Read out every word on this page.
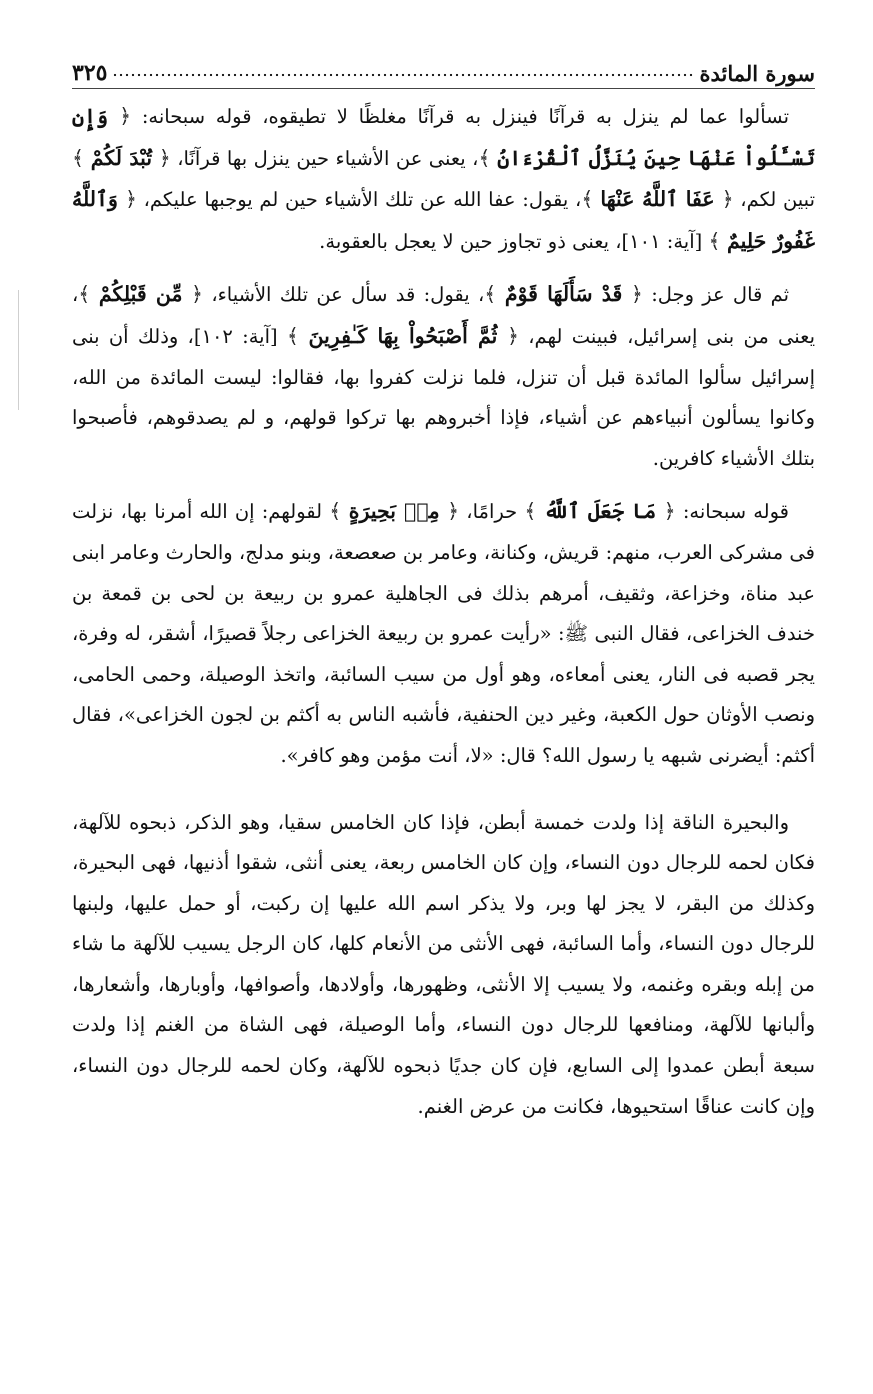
سورة المائدة
٣٢٥

تسألوا عما لم ينزل به قرآنًا فينزل به قرآنًا مغلظًا لا تطيقوه، قوله سبحانه: ﴿ وَإِن تَسْـَٔلُواْ عَنْهَا حِينَ يُنَزَّلُ ٱلْقُرْءَانُ ﴾، يعنى عن الأشياء حين ينزل بها قرآنًا، ﴿ تُبْدَ لَكُمْ ﴾ تبين لكم، ﴿ عَفَا ٱللَّهُ عَنْهَا ﴾، يقول: عفا الله عن تلك الأشياء حين لم يوجبها عليكم، ﴿ وَٱللَّهُ غَفُورٌ حَلِيمٌ ﴾ [آية: ١٠١]، يعنى ذو تجاوز حين لا يعجل بالعقوبة.

ثم قال عز وجل: ﴿ قَدْ سَأَلَهَا قَوْمٌ ﴾، يقول: قد سأل عن تلك الأشياء، ﴿ مِّن قَبْلِكُمْ ﴾، يعنى من بنى إسرائيل، فبينت لهم، ﴿ ثُمَّ أَصْبَحُواْ بِهَا كَـٰفِرِينَ ﴾ [آية: ١٠٢]، وذلك أن بنى إسرائيل سألوا المائدة قبل أن تنزل، فلما نزلت كفروا بها، فقالوا: ليست المائدة من الله، وكانوا يسألون أنبياءهم عن أشياء، فإذا أخبروهم بها تركوا قولهم، و لم يصدقوهم، فأصبحوا بتلك الأشياء كافرين.

قوله سبحانه: ﴿ مَا جَعَلَ ٱللَّهُ ﴾ حرامًا، ﴿ مِنۢ بَحِيرَةٍ ﴾ لقولهم: إن الله أمرنا بها، نزلت فى مشركى العرب، منهم: قريش، وكنانة، وعامر بن صعصعة، وبنو مدلج، والحارث وعامر ابنى عبد مناة، وخزاعة، وثقيف، أمرهم بذلك فى الجاهلية عمرو بن ربيعة بن لحى بن قمعة بن خندف الخزاعى، فقال النبى ﷺ: «رأيت عمرو بن ربيعة الخزاعى رجلاً قصيرًا، أشقر، له وفرة، يجر قصبه فى النار، يعنى أمعاءه، وهو أول من سيب السائبة، واتخذ الوصيلة، وحمى الحامى، ونصب الأوثان حول الكعبة، وغير دين الحنفية، فأشبه الناس به أكثم بن لجون الخزاعى»، فقال أكثم: أيضرنى شبهه يا رسول الله؟ قال: «لا، أنت مؤمن وهو كافر».

والبحيرة الناقة إذا ولدت خمسة أبطن، فإذا كان الخامس سقيا، وهو الذكر، ذبحوه للآلهة، فكان لحمه للرجال دون النساء، وإن كان الخامس ربعة، يعنى أنثى، شقوا أذنيها، فهى البحيرة، وكذلك من البقر، لا يجز لها وبر، ولا يذكر اسم الله عليها إن ركبت، أو حمل عليها، ولبنها للرجال دون النساء، وأما السائبة، فهى الأنثى من الأنعام كلها، كان الرجل يسيب للآلهة ما شاء من إبله وبقره وغنمه، ولا يسيب إلا الأنثى، وظهورها، وأولادها، وأصوافها، وأوبارها، وأشعارها، وألبانها للآلهة، ومنافعها للرجال دون النساء، وأما الوصيلة، فهى الشاة من الغنم إذا ولدت سبعة أبطن عمدوا إلى السابع، فإن كان جديًا ذبحوه للآلهة، وكان لحمه للرجال دون النساء، وإن كانت عناقًا استحيوها، فكانت من عرض الغنم.
